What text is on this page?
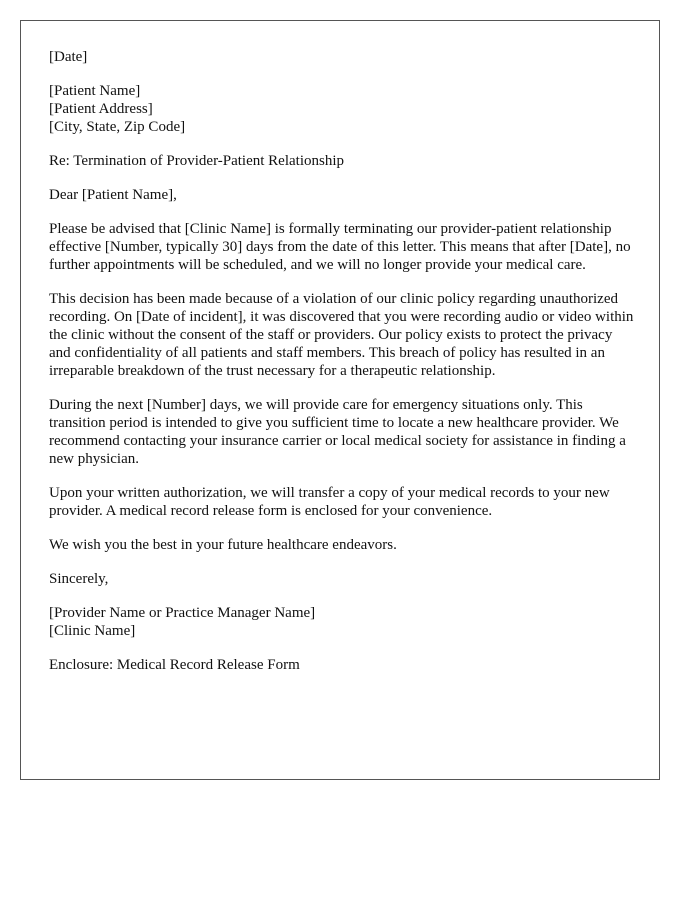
[Date]
[Patient Name]
[Patient Address]
[City, State, Zip Code]
Re: Termination of Provider-Patient Relationship
Dear [Patient Name],

Please be advised that [Clinic Name] is formally terminating our provider-patient relationship effective [Number, typically 30] days from the date of this letter. This means that after [Date], no further appointments will be scheduled, and we will no longer provide your medical care.

This decision has been made because of a violation of our clinic policy regarding unauthorized recording. On [Date of incident], it was discovered that you were recording audio or video within the clinic without the consent of the staff or providers. Our policy exists to protect the privacy and confidentiality of all patients and staff members. This breach of policy has resulted in an irreparable breakdown of the trust necessary for a therapeutic relationship.

During the next [Number] days, we will provide care for emergency situations only. This transition period is intended to give you sufficient time to locate a new healthcare provider. We recommend contacting your insurance carrier or local medical society for assistance in finding a new physician.

Upon your written authorization, we will transfer a copy of your medical records to your new provider. A medical record release form is enclosed for your convenience.

We wish you the best in your future healthcare endeavors.

Sincerely,
[Provider Name or Practice Manager Name]
[Clinic Name]
Enclosure: Medical Record Release Form
